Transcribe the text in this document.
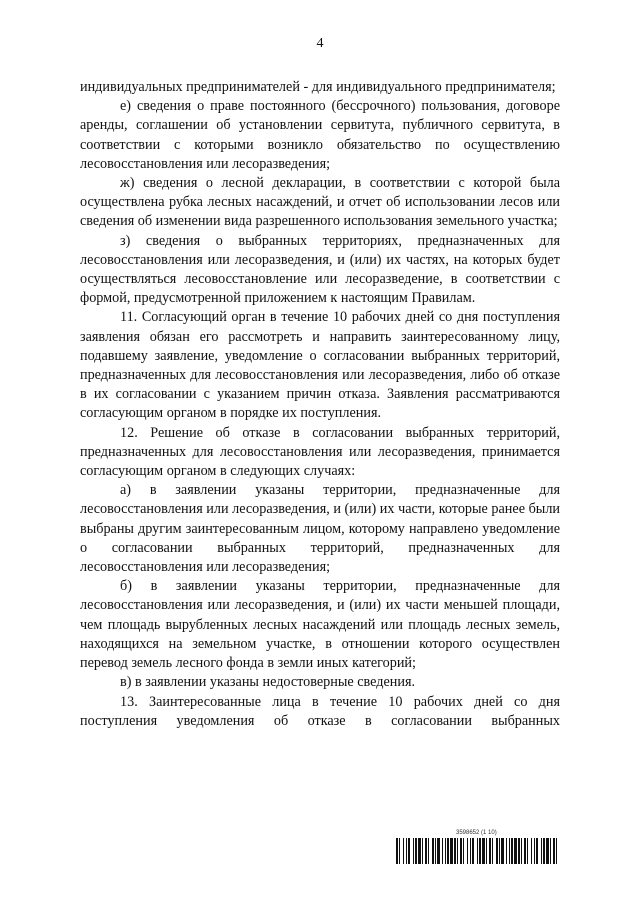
4

индивидуальных предпринимателей - для индивидуального предпринимателя;

е) сведения о праве постоянного (бессрочного) пользования, договоре аренды, соглашении об установлении сервитута, публичного сервитута, в соответствии с которыми возникло обязательство по осуществлению лесовосстановления или лесоразведения;

ж) сведения о лесной декларации, в соответствии с которой была осуществлена рубка лесных насаждений, и отчет об использовании лесов или сведения об изменении вида разрешенного использования земельного участка;

з) сведения о выбранных территориях, предназначенных для лесовосстановления или лесоразведения, и (или) их частях, на которых будет осуществляться лесовосстановление или лесоразведение, в соответствии с формой, предусмотренной приложением к настоящим Правилам.

11. Согласующий орган в течение 10 рабочих дней со дня поступления заявления обязан его рассмотреть и направить заинтересованному лицу, подавшему заявление, уведомление о согласовании выбранных территорий, предназначенных для лесовосстановления или лесоразведения, либо об отказе в их согласовании с указанием причин отказа. Заявления рассматриваются согласующим органом в порядке их поступления.

12. Решение об отказе в согласовании выбранных территорий, предназначенных для лесовосстановления или лесоразведения, принимается согласующим органом в следующих случаях:

а) в заявлении указаны территории, предназначенные для лесовосстановления или лесоразведения, и (или) их части, которые ранее были выбраны другим заинтересованным лицом, которому направлено уведомление о согласовании выбранных территорий, предназначенных для лесовосстановления или лесоразведения;

б) в заявлении указаны территории, предназначенные для лесовосстановления или лесоразведения, и (или) их части меньшей площади, чем площадь вырубленных лесных насаждений или площадь лесных земель, находящихся на земельном участке, в отношении которого осуществлен перевод земель лесного фонда в земли иных категорий;

в) в заявлении указаны недостоверные сведения.

13. Заинтересованные лица в течение 10 рабочих дней со дня поступления уведомления об отказе в согласовании выбранных

3598652 (1 10)
